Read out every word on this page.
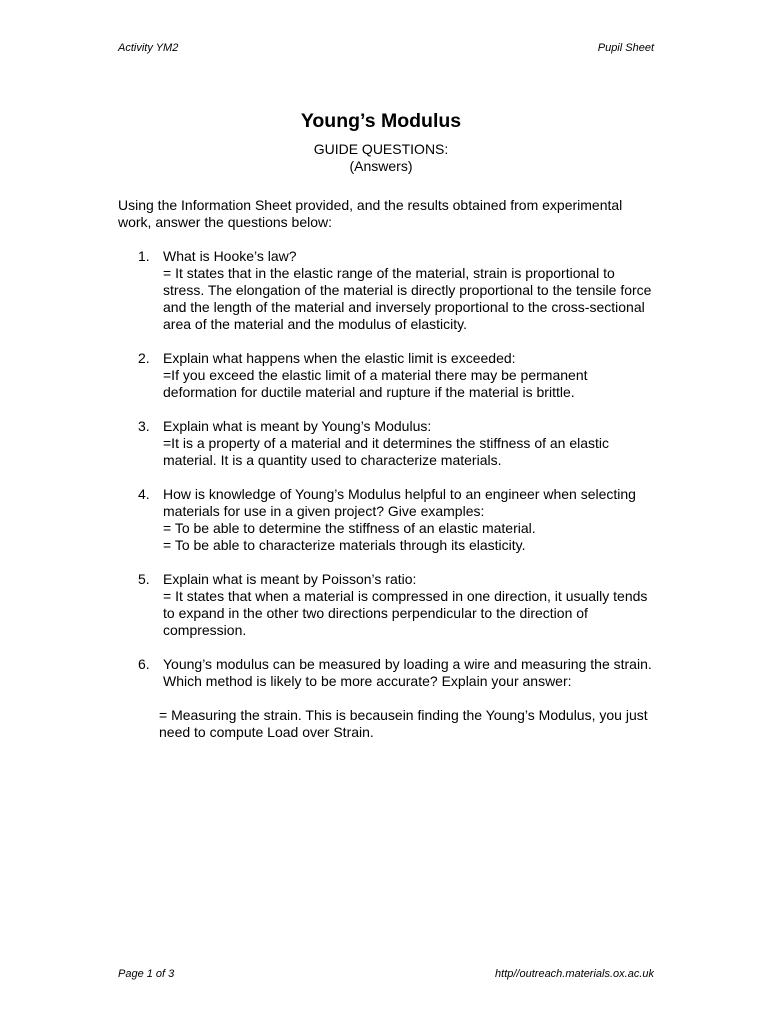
Activity YM2	Pupil Sheet
Young’s Modulus
GUIDE QUESTIONS:
(Answers)

Using the Information Sheet provided, and the results obtained from experimental work, answer the questions below:

1. What is Hooke’s law?

= It states that in the elastic range of the material, strain is proportional to stress. The elongation of the material is directly proportional to the tensile force and the length of the material and inversely proportional to the cross-sectional area of the material and the modulus of elasticity.

2. Explain what happens when the elastic limit is exceeded:

=If you exceed the elastic limit of a material there may be permanent deformation for ductile material and rupture if the material is brittle.

3. Explain what is meant by Young’s Modulus:

=It is a property of a material and it determines the stiffness of an elastic material. It is a quantity used to characterize materials.

4. How is knowledge of Young’s Modulus helpful to an engineer when selecting materials for use in a given project? Give examples:

= To be able to determine the stiffness of an elastic material.

= To be able to characterize materials through its elasticity.

5. Explain what is meant by Poisson’s ratio:

= It states that when a material is compressed in one direction, it usually tends to expand in the other two directions perpendicular to the direction of compression.

6. Young’s modulus can be measured by loading a wire and measuring the strain. Which method is likely to be more accurate? Explain your answer:

= Measuring the strain. This is becausein finding the Young’s Modulus, you just need to compute Load over Strain.

Page 1 of 3	http//outreach.materials.ox.ac.uk
